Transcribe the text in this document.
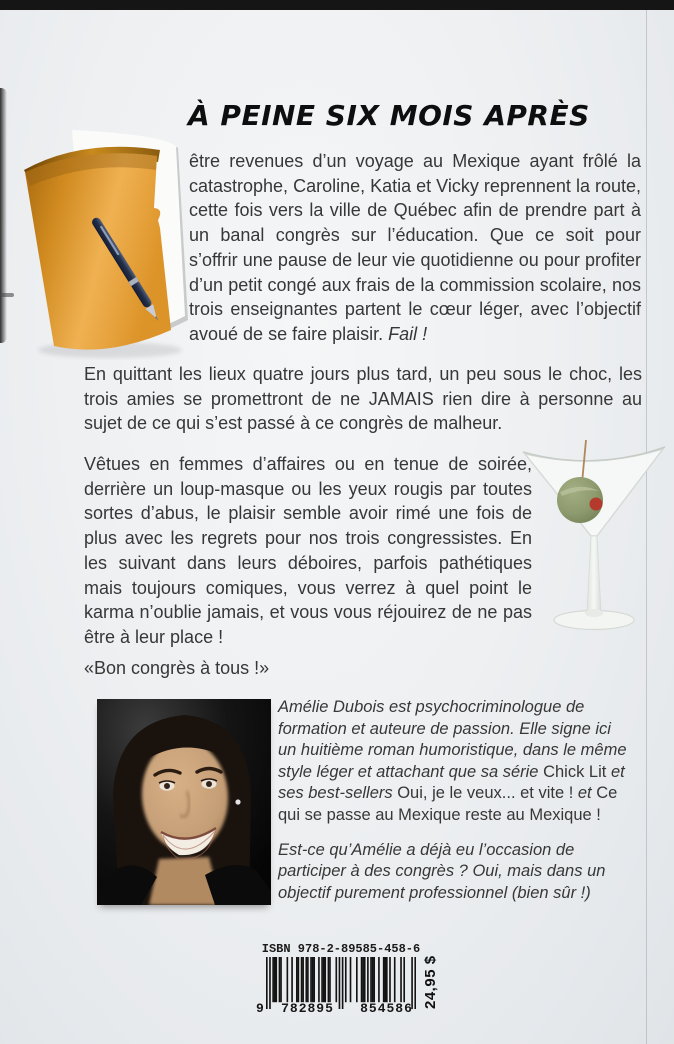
À PEINE SIX MOIS APRÈS
être revenues d’un voyage au Mexique ayant frôlé la catastrophe, Caroline, Katia et Vicky reprennent la route, cette fois vers la ville de Québec afin de prendre part à un banal congrès sur l’éducation. Que ce soit pour s’offrir une pause de leur vie quotidienne ou pour profiter d’un petit congé aux frais de la commission scolaire, nos trois enseignantes partent le cœur léger, avec l’objectif avoué de se faire plaisir. Fail !
En quittant les lieux quatre jours plus tard, un peu sous le choc, les trois amies se promettront de ne JAMAIS rien dire à personne au sujet de ce qui s’est passé à ce congrès de malheur.
Vêtues en femmes d’affaires ou en tenue de soirée, derrière un loup-masque ou les yeux rougis par toutes sortes d’abus, le plaisir semble avoir rimé une fois de plus avec les regrets pour nos trois congressistes. En les suivant dans leurs déboires, parfois pathétiques mais toujours comiques, vous verrez à quel point le karma n’oublie jamais, et vous vous réjouirez de ne pas être à leur place !
«Bon congrès à tous !»

Amélie Dubois est psychocriminologue de formation et auteure de passion. Elle signe ici un huitième roman humoristique, dans le même style léger et attachant que sa série Chick Lit et ses best-sellers Oui, je le veux... et vite ! et Ce qui se passe au Mexique reste au Mexique !

Est-ce qu’Amélie a déjà eu l’occasion de participer à des congrès ? Oui, mais dans un objectif purement professionnel (bien sûr !)

ISBN 978-2-89585-458-6
9	782895	854586 24,95 $
